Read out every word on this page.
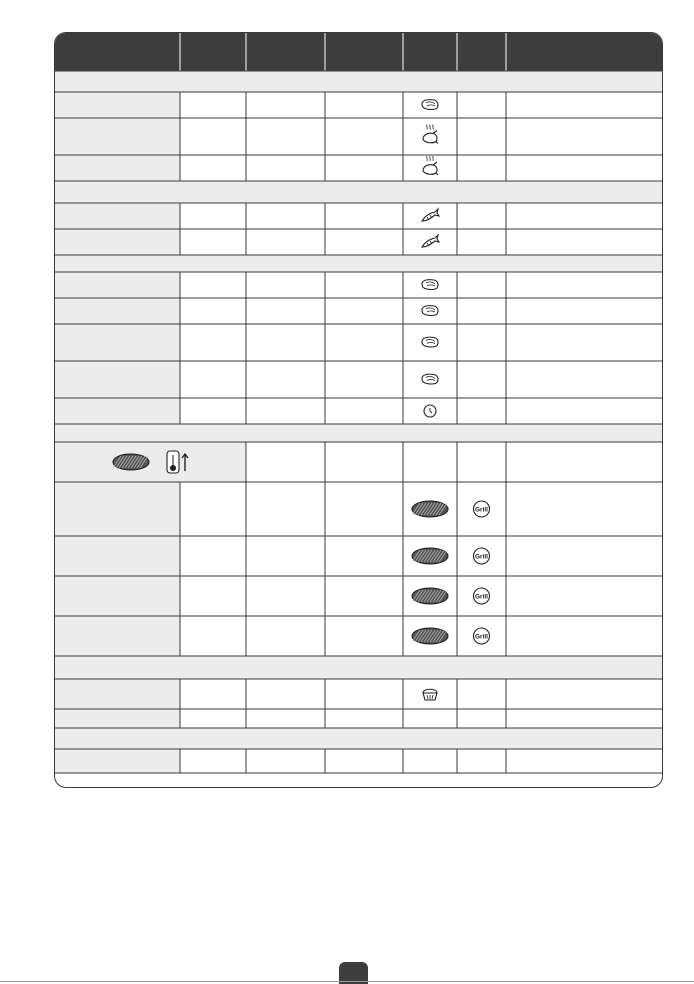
Grill
Grill
Grill
Grill
